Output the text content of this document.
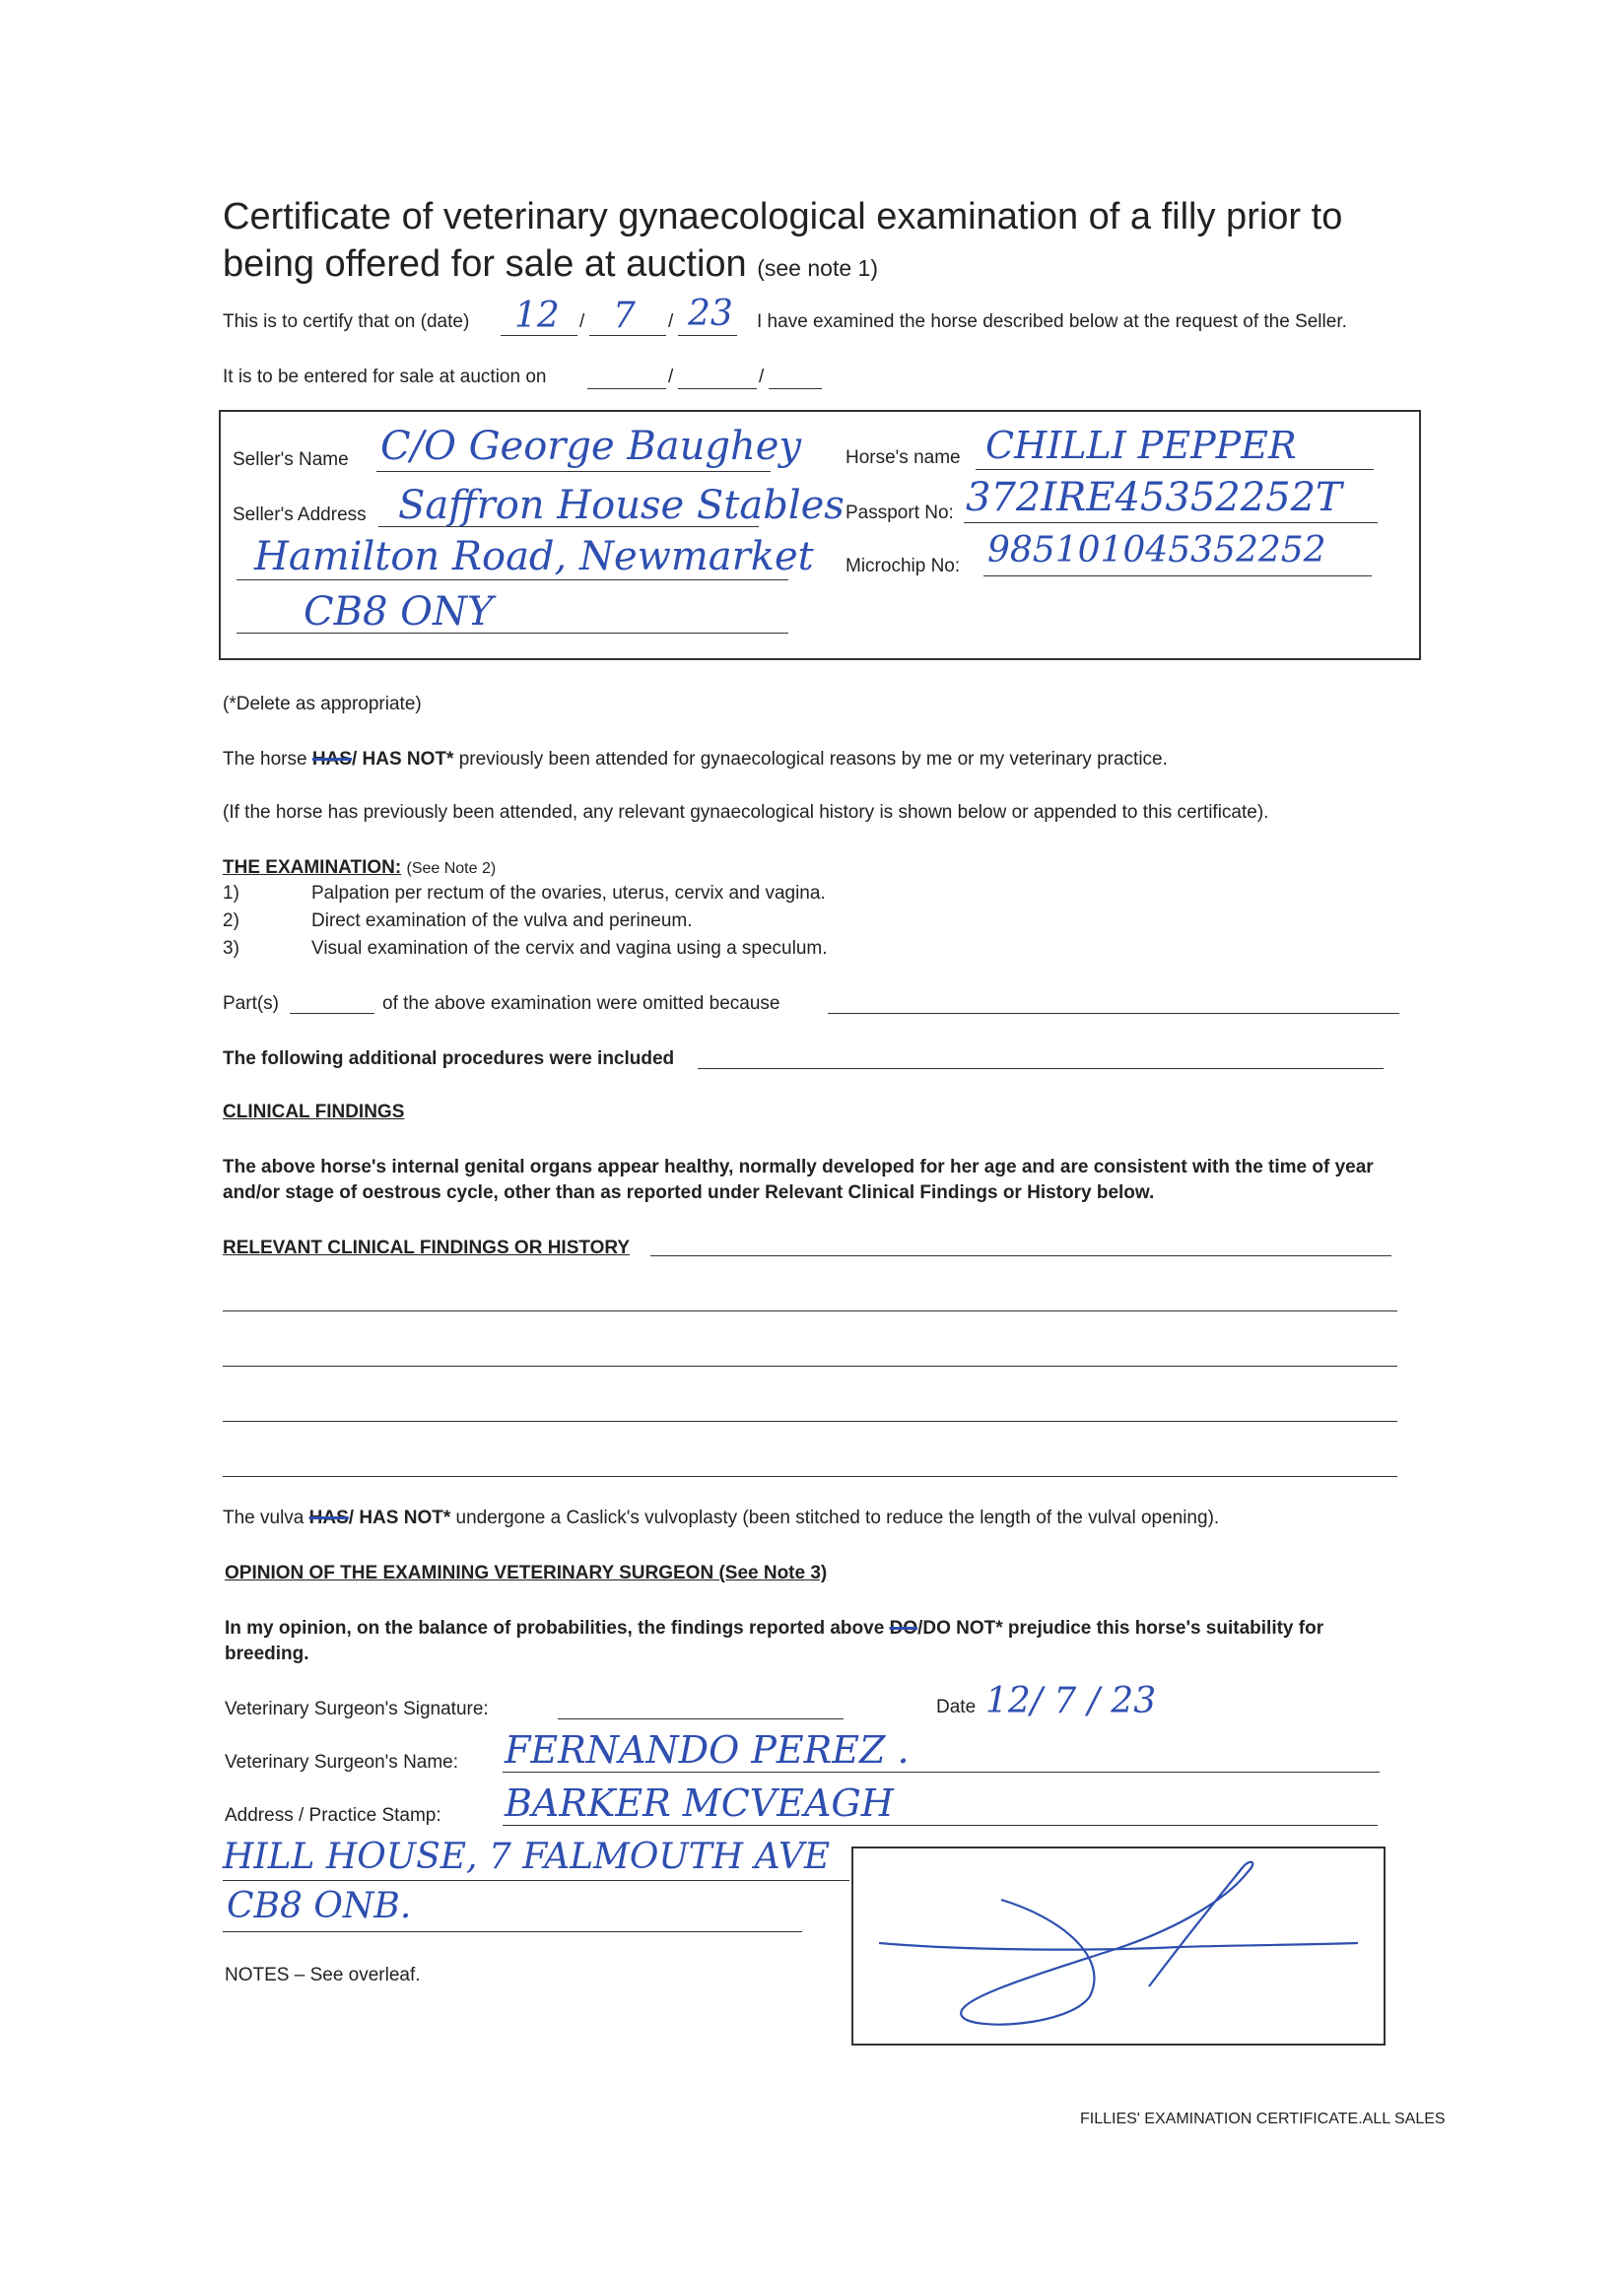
Certificate of veterinary gynaecological examination of a filly prior to
being offered for sale at auction (see note 1)
This is to certify that on (date) 12 / 7 / 23 I have examined the horse described below at the request of the Seller.
It is to be entered for sale at auction on	/	/
Seller's Name C/O George Baughey
Seller's Address Saffron House Stables
Hamilton Road, Newmarket
CB8 ONY
Horse's name CHILLI PEPPER
Passport No: 372IRE45352252T
Microchip No: 985101045352252
(*Delete as appropriate)
The horse HAS/ HAS NOT* previously been attended for gynaecological reasons by me or my veterinary practice.
(If the horse has previously been attended, any relevant gynaecological history is shown below or appended to this certificate).
THE EXAMINATION: (See Note 2)
1)	Palpation per rectum of the ovaries, uterus, cervix and vagina.
2)	Direct examination of the vulva and perineum.
3)	Visual examination of the cervix and vagina using a speculum.
Part(s)	of the above examination were omitted because
The following additional procedures were included
CLINICAL FINDINGS
The above horse's internal genital organs appear healthy, normally developed for her age and are consistent with the time of year
and/or stage of oestrous cycle, other than as reported under Relevant Clinical Findings or History below.
RELEVANT CLINICAL FINDINGS OR HISTORY
The vulva HAS/ HAS NOT* undergone a Caslick's vulvoplasty (been stitched to reduce the length of the vulval opening).
OPINION OF THE EXAMINING VETERINARY SURGEON (See Note 3)
In my opinion, on the balance of probabilities, the findings reported above DO/DO NOT* prejudice this horse's suitability for
breeding.
Veterinary Surgeon's Signature:	Date 12/ 7 / 23
Veterinary Surgeon's Name: FERNANDO PEREZ .
Address / Practice Stamp: BARKER MCVEAGH
HILL HOUSE, 7 FALMOUTH AVE
CB8 ONB.
NOTES – See overleaf.
FILLIES' EXAMINATION CERTIFICATE.ALL SALES
